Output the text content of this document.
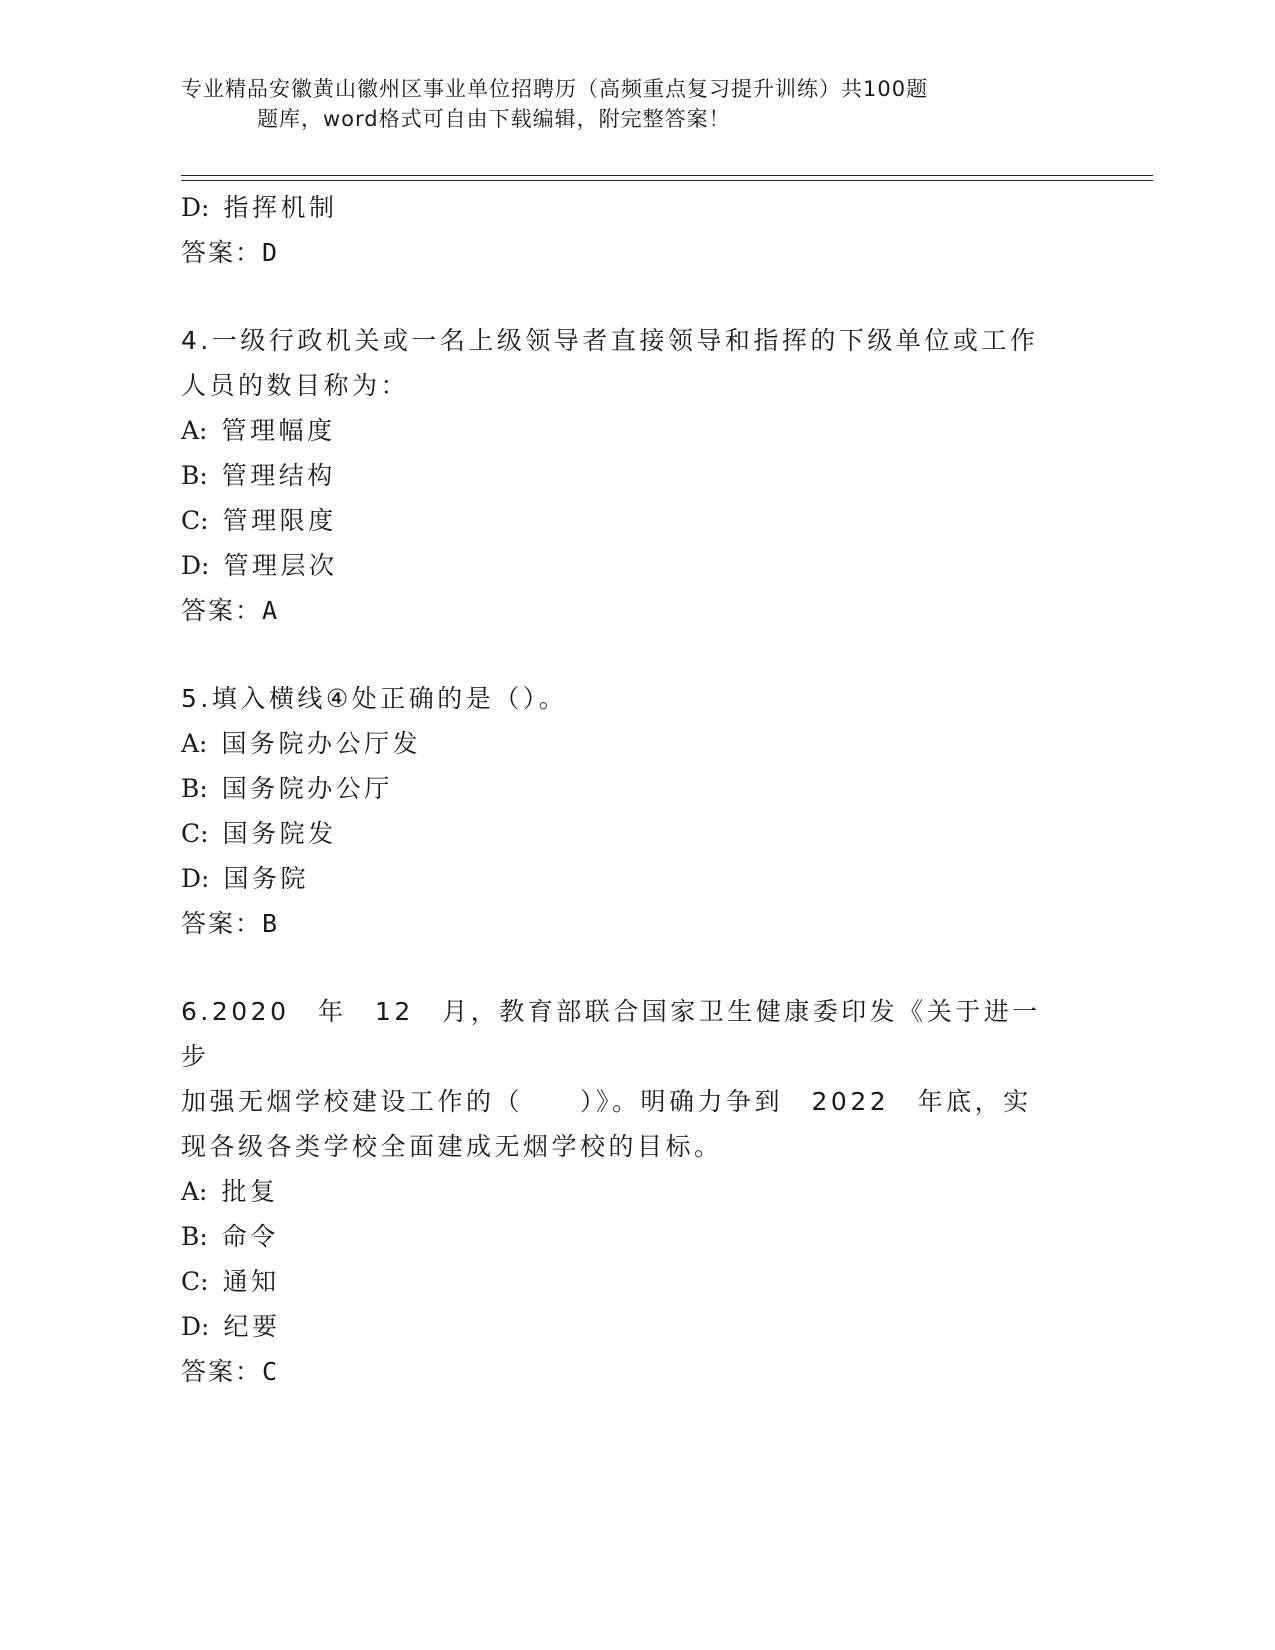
专业精品安徽黄山徽州区事业单位招聘历（高频重点复习提升训练）共100题
题库，word格式可自由下载编辑，附完整答案！
D: 指挥机制
答案：D
4.一级行政机关或一名上级领导者直接领导和指挥的下级单位或工作
人员的数目称为：
A: 管理幅度
B: 管理结构
C: 管理限度
D: 管理层次
答案：A
5.填入横线④处正确的是（）。
A: 国务院办公厅发
B: 国务院办公厅
C: 国务院发
D: 国务院
答案：B
6.2020　年　12　月，教育部联合国家卫生健康委印发《关于进一步
加强无烟学校建设工作的（　　）》。明确力争到　2022　年底，实
现各级各类学校全面建成无烟学校的目标。
A: 批复
B: 命令
C: 通知
D: 纪要
答案：C
